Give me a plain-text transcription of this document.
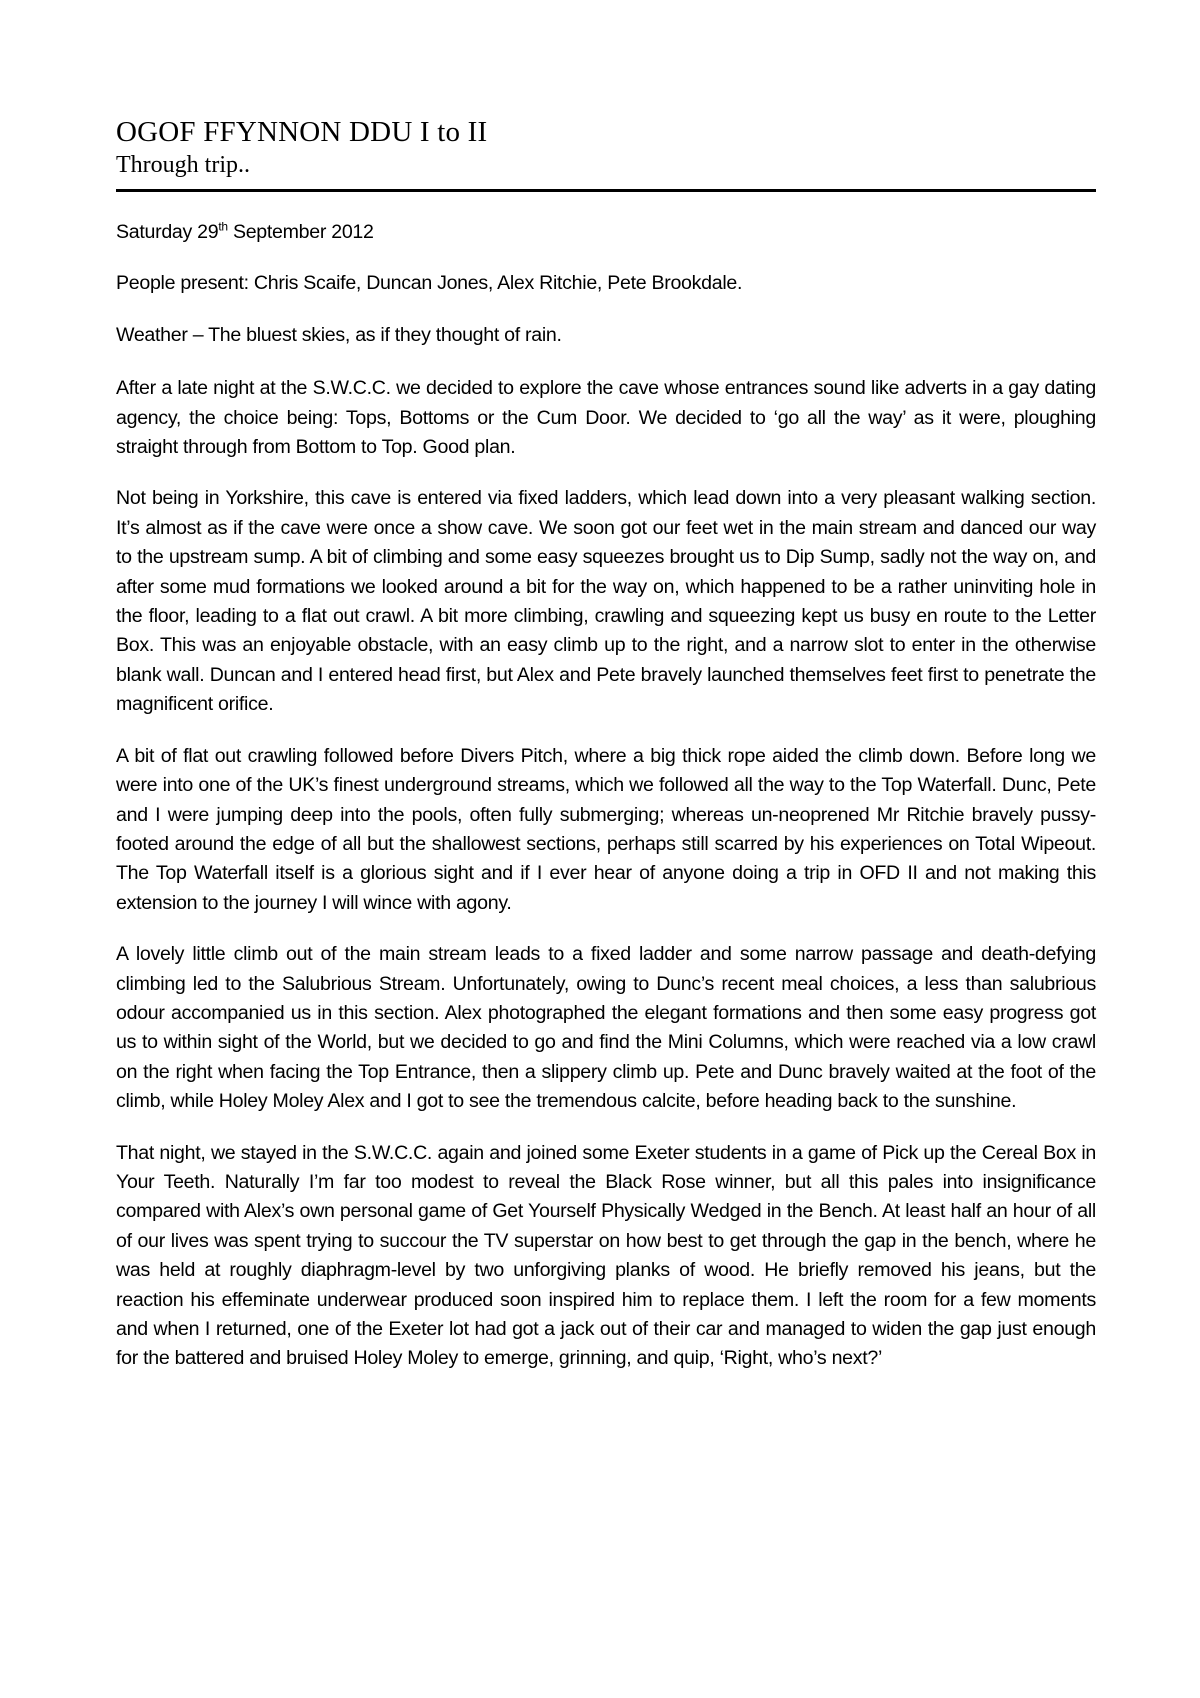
OGOF FFYNNON DDU I to II
Through trip..

Saturday 29th September 2012

People present: Chris Scaife, Duncan Jones, Alex Ritchie, Pete Brookdale.

Weather – The bluest skies, as if they thought of rain.

After a late night at the S.W.C.C. we decided to explore the cave whose entrances sound like adverts in a gay dating agency, the choice being: Tops, Bottoms or the Cum Door. We decided to ‘go all the way’ as it were, ploughing straight through from Bottom to Top. Good plan.

Not being in Yorkshire, this cave is entered via fixed ladders, which lead down into a very pleasant walking section. It’s almost as if the cave were once a show cave. We soon got our feet wet in the main stream and danced our way to the upstream sump. A bit of climbing and some easy squeezes brought us to Dip Sump, sadly not the way on, and after some mud formations we looked around a bit for the way on, which happened to be a rather uninviting hole in the floor, leading to a flat out crawl. A bit more climbing, crawling and squeezing kept us busy en route to the Letter Box. This was an enjoyable obstacle, with an easy climb up to the right, and a narrow slot to enter in the otherwise blank wall. Duncan and I entered head first, but Alex and Pete bravely launched themselves feet first to penetrate the magnificent orifice.

A bit of flat out crawling followed before Divers Pitch, where a big thick rope aided the climb down. Before long we were into one of the UK’s finest underground streams, which we followed all the way to the Top Waterfall. Dunc, Pete and I were jumping deep into the pools, often fully submerging; whereas un-neoprened Mr Ritchie bravely pussy-footed around the edge of all but the shallowest sections, perhaps still scarred by his experiences on Total Wipeout. The Top Waterfall itself is a glorious sight and if I ever hear of anyone doing a trip in OFD II and not making this extension to the journey I will wince with agony.

A lovely little climb out of the main stream leads to a fixed ladder and some narrow passage and death-defying climbing led to the Salubrious Stream. Unfortunately, owing to Dunc’s recent meal choices, a less than salubrious odour accompanied us in this section. Alex photographed the elegant formations and then some easy progress got us to within sight of the World, but we decided to go and find the Mini Columns, which were reached via a low crawl on the right when facing the Top Entrance, then a slippery climb up. Pete and Dunc bravely waited at the foot of the climb, while Holey Moley Alex and I got to see the tremendous calcite, before heading back to the sunshine.

That night, we stayed in the S.W.C.C. again and joined some Exeter students in a game of Pick up the Cereal Box in Your Teeth. Naturally I’m far too modest to reveal the Black Rose winner, but all this pales into insignificance compared with Alex’s own personal game of Get Yourself Physically Wedged in the Bench. At least half an hour of all of our lives was spent trying to succour the TV superstar on how best to get through the gap in the bench, where he was held at roughly diaphragm-level by two unforgiving planks of wood. He briefly removed his jeans, but the reaction his effeminate underwear produced soon inspired him to replace them. I left the room for a few moments and when I returned, one of the Exeter lot had got a jack out of their car and managed to widen the gap just enough for the battered and bruised Holey Moley to emerge, grinning, and quip, ‘Right, who’s next?’
